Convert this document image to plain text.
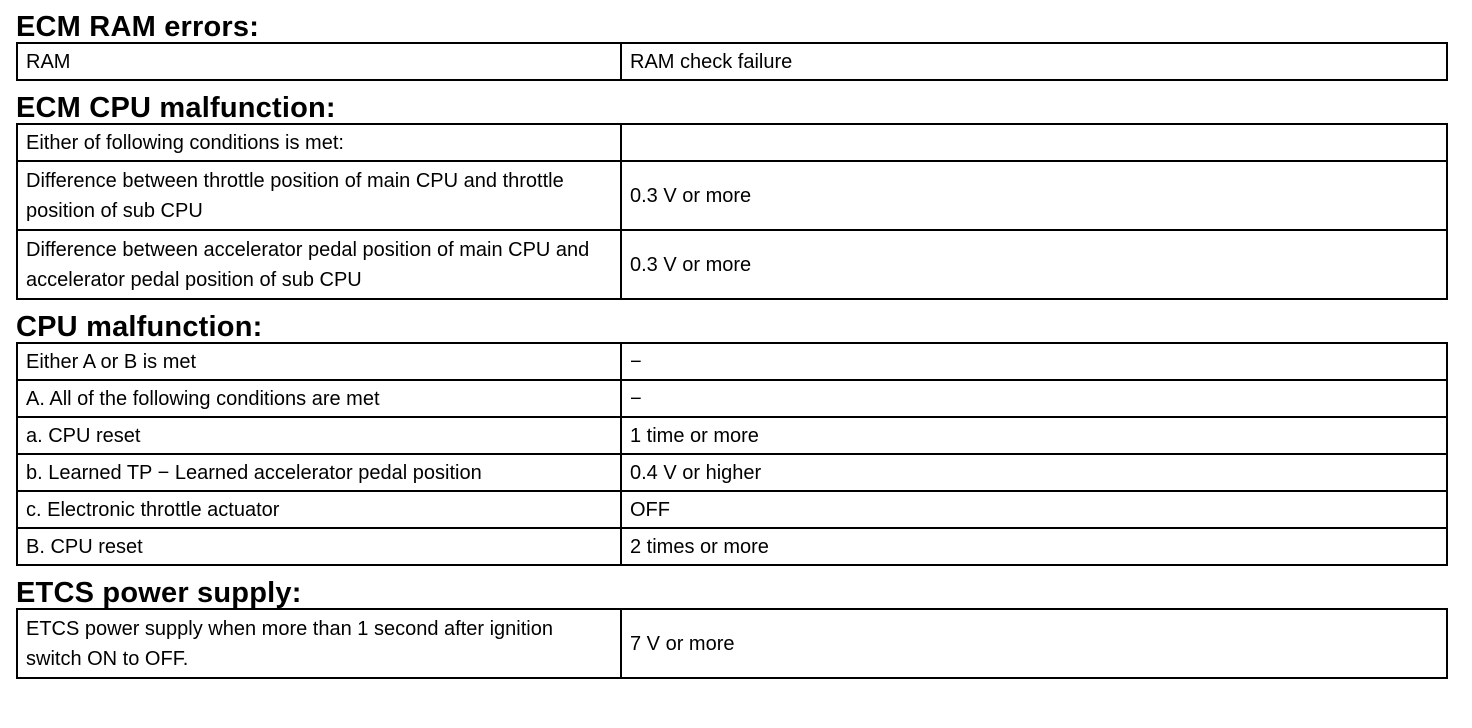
ECM RAM errors:
RAM	RAM check failure
ECM CPU malfunction:
Either of following conditions is met:	
Difference between throttle position of main CPU and throttle position of sub CPU	0.3 V or more
Difference between accelerator pedal position of main CPU and accelerator pedal position of sub CPU	0.3 V or more
CPU malfunction:
Either A or B is met	−
A. All of the following conditions are met	−
a. CPU reset	1 time or more
b. Learned TP − Learned accelerator pedal position	0.4 V or higher
c. Electronic throttle actuator	OFF
B. CPU reset	2 times or more
ETCS power supply:
ETCS power supply when more than 1 second after ignition switch ON to OFF.	7 V or more
